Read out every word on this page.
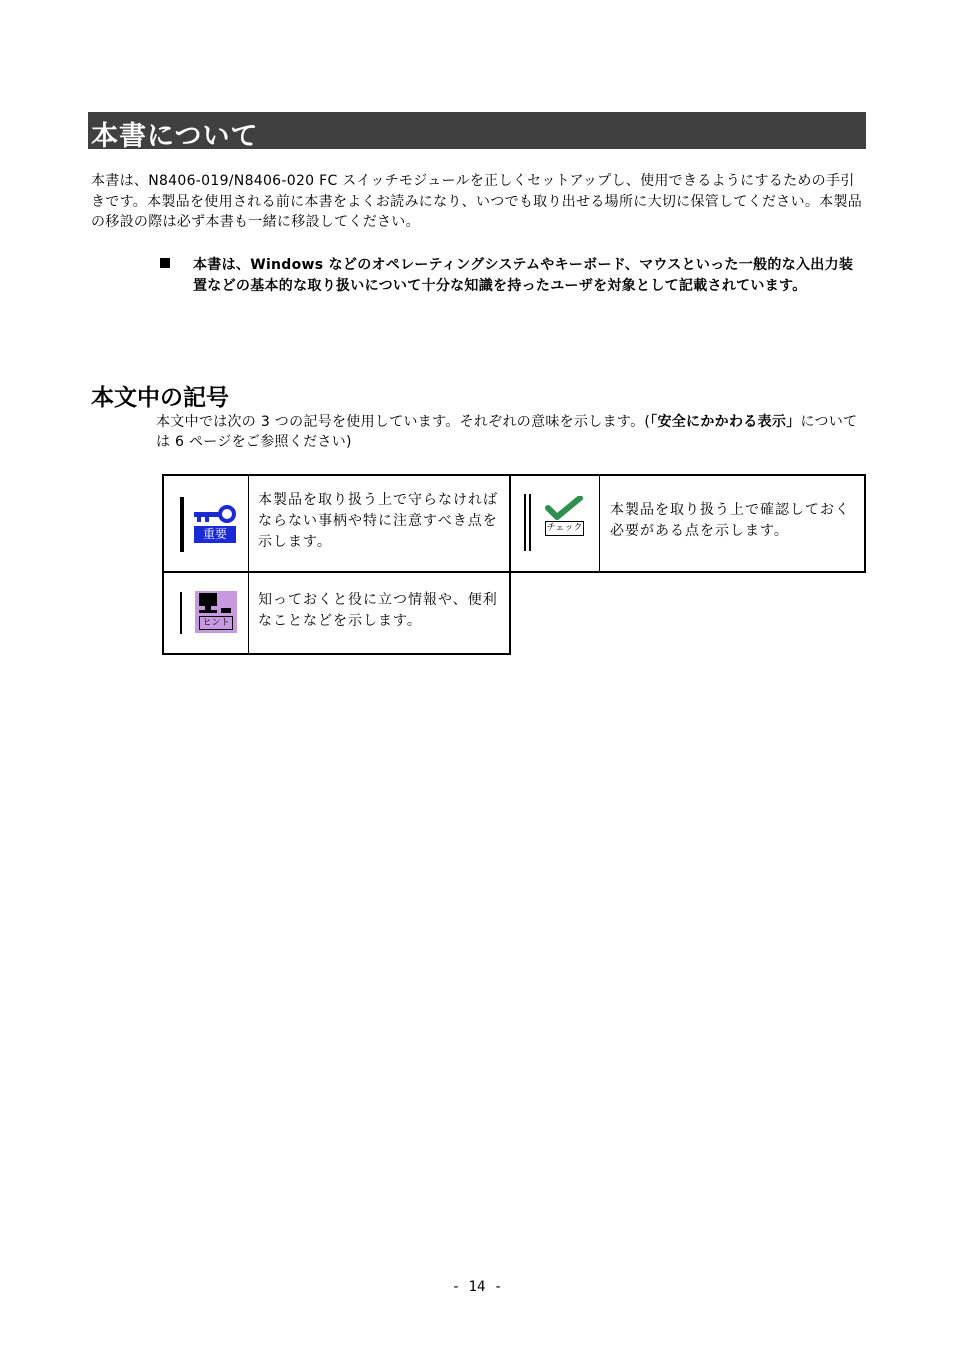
本書について
本書は、N8406-019/N8406-020 FC スイッチモジュールを正しくセットアップし、使用できるようにするための手引きです。本製品を使用される前に本書をよくお読みになり、いつでも取り出せる場所に大切に保管してください。本製品の移設の際は必ず本書も一緒に移設してください。
本書は、Windows などのオペレーティングシステムやキーボード、マウスといった一般的な入出力装置などの基本的な取り扱いについて十分な知識を持ったユーザを対象として記載されています。
本文中の記号
本文中では次の 3 つの記号を使用しています。それぞれの意味を示します。(「安全にかかわる表示」については 6 ページをご参照ください)
重要
本製品を取り扱う上で守らなければならない事柄や特に注意すべき点を示します。
チェック
本製品を取り扱う上で確認しておく必要がある点を示します。
ヒント
知っておくと役に立つ情報や、便利なことなどを示します。
- 14 -
